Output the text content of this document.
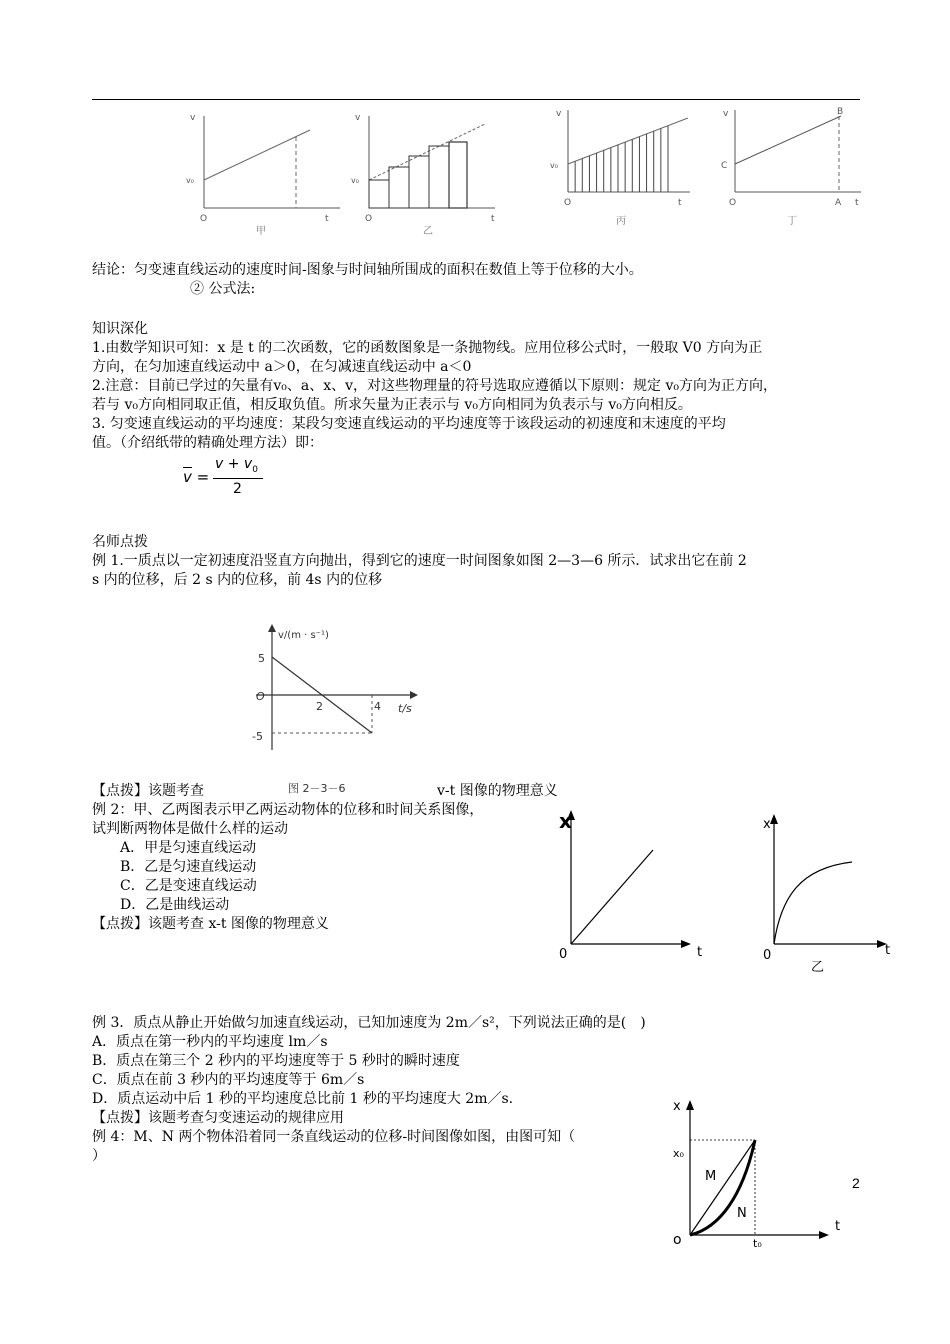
v
v₀
O	t
甲
v
v₀
O	t
乙
v
v₀
O	t
丙
v
C
B
O	A t
丁
结论：匀变速直线运动的速度时间-图象与时间轴所围成的面积在数值上等于位移的大小。
② 公式法:
知识深化
1.由数学知识可知：x 是 t 的二次函数，它的函数图象是一条抛物线。应用位移公式时，一般取 V0 方向为正
方向，在匀加速直线运动中 a＞0，在匀减速直线运动中 a＜0
2.注意：目前已学过的矢量有v₀、a、x、v，对这些物理量的符号选取应遵循以下原则：规定 v₀方向为正方向，
若与 v₀方向相同取正值，相反取负值。所求矢量为正表示与 v₀方向相同为负表示与 v₀方向相反。
3. 匀变速直线运动的平均速度：某段匀变速直线运动的平均速度等于该段运动的初速度和末速度的平均
值。（介绍纸带的精确处理方法）即：
$\overline{v}$ =
$v + v_0$
2
名师点拨
例 1.一质点以一定初速度沿竖直方向抛出，得到它的速度一时间图象如图 2—3—6 所示．试求出它在前 2
s 内的位移，后 2 s 内的位移，前 4s 内的位移
v/(m · s⁻¹)
5
O
-5
2	4 t/s
图 2－3－6
【点拨】该题考查	v-t 图像的物理意义
例 2：甲、乙两图表示甲乙两运动物体的位移和时间关系图像，
试判断两物体是做什么样的运动
A．甲是匀速直线运动
B．乙是匀速直线运动
C．乙是变速直线运动
D．乙是曲线运动
【点拨】该题考查 x-t 图像的物理意义
x
0	t
x
0	t
乙
例 3．质点从静止开始做匀加速直线运动，已知加速度为 2m／s²，下列说法正确的是(　)
A．质点在第一秒内的平均速度 lm／s
B．质点在第三个 2 秒内的平均速度等于 5 秒时的瞬时速度
C．质点在前 3 秒内的平均速度等于 6m／s
D．质点运动中后 1 秒的平均速度总比前 1 秒的平均速度大 2m／s.
【点拨】该题考查匀变速运动的规律应用
例 4：M、N 两个物体沿着同一条直线运动的位移-时间图像如图，由图可知（
）
x
x₀
M
N
o	t₀
t
2
